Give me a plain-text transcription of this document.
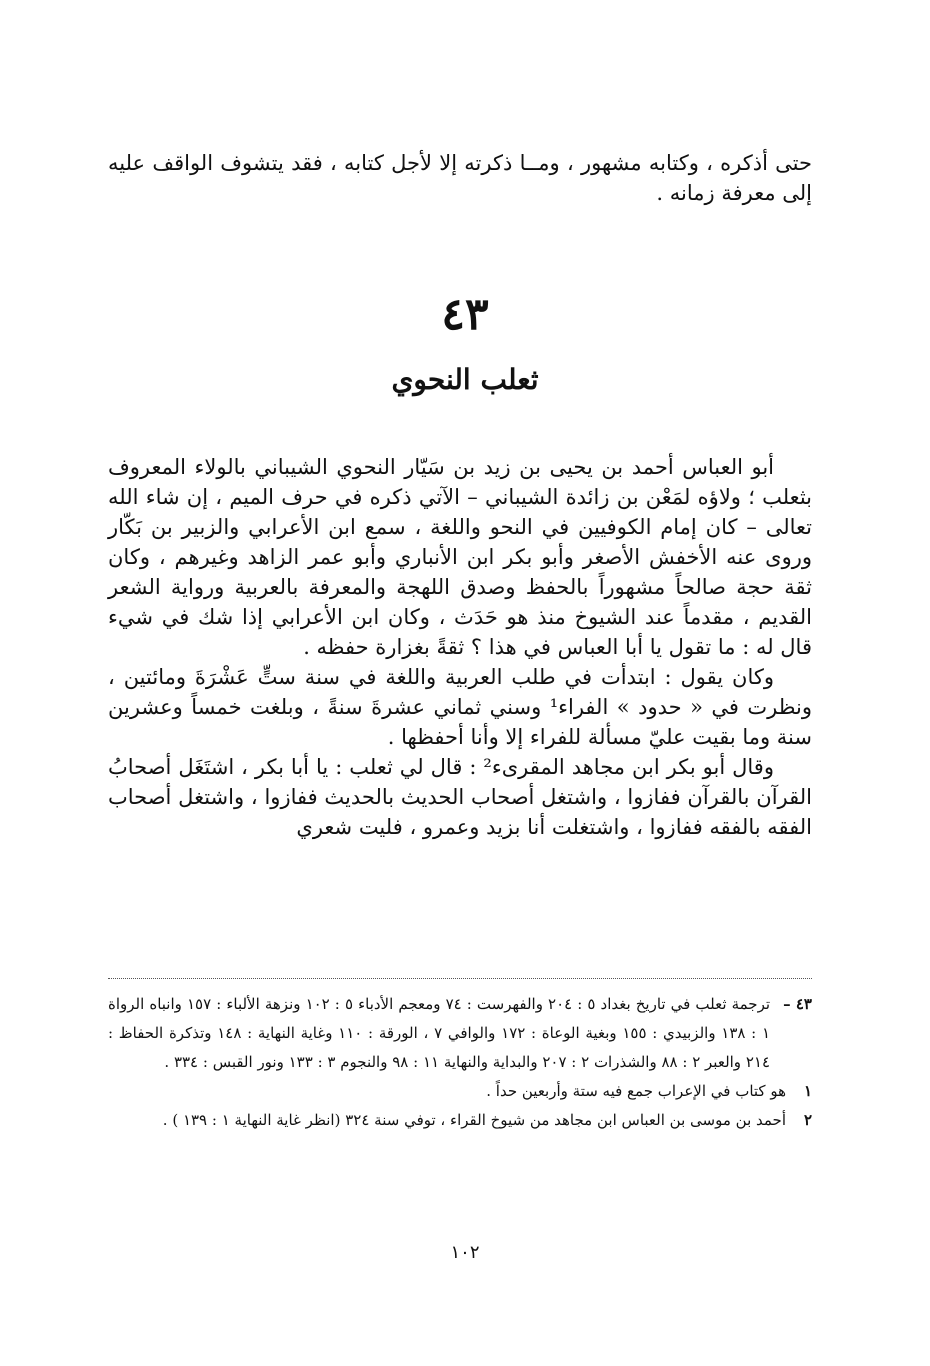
حتى أذكره ، وكتابه مشهور ، ومــا ذكرته إلا لأجل كتابه ، فقد يتشوف الواقف عليه إلى معرفة زمانه .

٤٣
ثعلب النحوي

أبو العباس أحمد بن يحيى بن زيد بن سَيّار النحوي الشيباني بالولاء المعروف بثعلب ؛ ولاؤه لمَعْن بن زائدة الشيباني – الآتي ذكره في حرف الميم ، إن شاء الله تعالى – كان إمام الكوفيين في النحو واللغة ، سمع ابن الأعرابي والزبير بن بَكّار وروى عنه الأخفش الأصغر وأبو بكر ابن الأنباري وأبو عمر الزاهد وغيرهم ، وكان ثقة حجة صالحاً مشهوراً بالحفظ وصدق اللهجة والمعرفة بالعربية ورواية الشعر القديم ، مقدماً عند الشيوخ منذ هو حَدَث ، وكان ابن الأعرابي إذا شك في شيء قال له : ما تقول يا أبا العباس في هذا ؟ ثقةً بغزارة حفظه .

وكان يقول : ابتدأت في طلب العربية واللغة في سنة ستٍّ عَشْرَةَ ومائتين ، ونظرت في « حدود » الفراء¹ وسني ثماني عشرةَ سنةً ، وبلغت خمساً وعشرين سنة وما بقيت عليّ مسألة للفراء إلا وأنا أحفظها .

وقال أبو بكر ابن مجاهد المقرىء² : قال لي ثعلب : يا أبا بكر ، اشتَغَل أصحابُ القرآن بالقرآن ففازوا ، واشتغل أصحاب الحديث بالحديث ففازوا ، واشتغل أصحاب الفقه بالفقه ففازوا ، واشتغلت أنا بزيد وعمرو ، فليت شعري

٤٣ –
ترجمة ثعلب في تاريخ بغداد ٥ : ٢٠٤ والفهرست : ٧٤ ومعجم الأدباء ٥ : ١٠٢ ونزهة الألباء : ١٥٧ وانباه الرواة ١ : ١٣٨ والزبيدي : ١٥٥ وبغية الوعاة : ١٧٢ والوافي ٧ ، الورقة : ١١٠ وغاية النهاية : ١٤٨ وتذكرة الحفاظ : ٢١٤ والعبر ٢ : ٨٨ والشذرات ٢ : ٢٠٧ والبداية والنهاية ١١ : ٩٨ والنجوم ٣ : ١٣٣ ونور القبس : ٣٣٤ .
١
هو كتاب في الإعراب جمع فيه ستة وأربعين حداً .
٢
أحمد بن موسى بن العباس ابن مجاهد من شيوخ القراء ، توفي سنة ٣٢٤ (انظر غاية النهاية ١ : ١٣٩ ) .
١٠٢
